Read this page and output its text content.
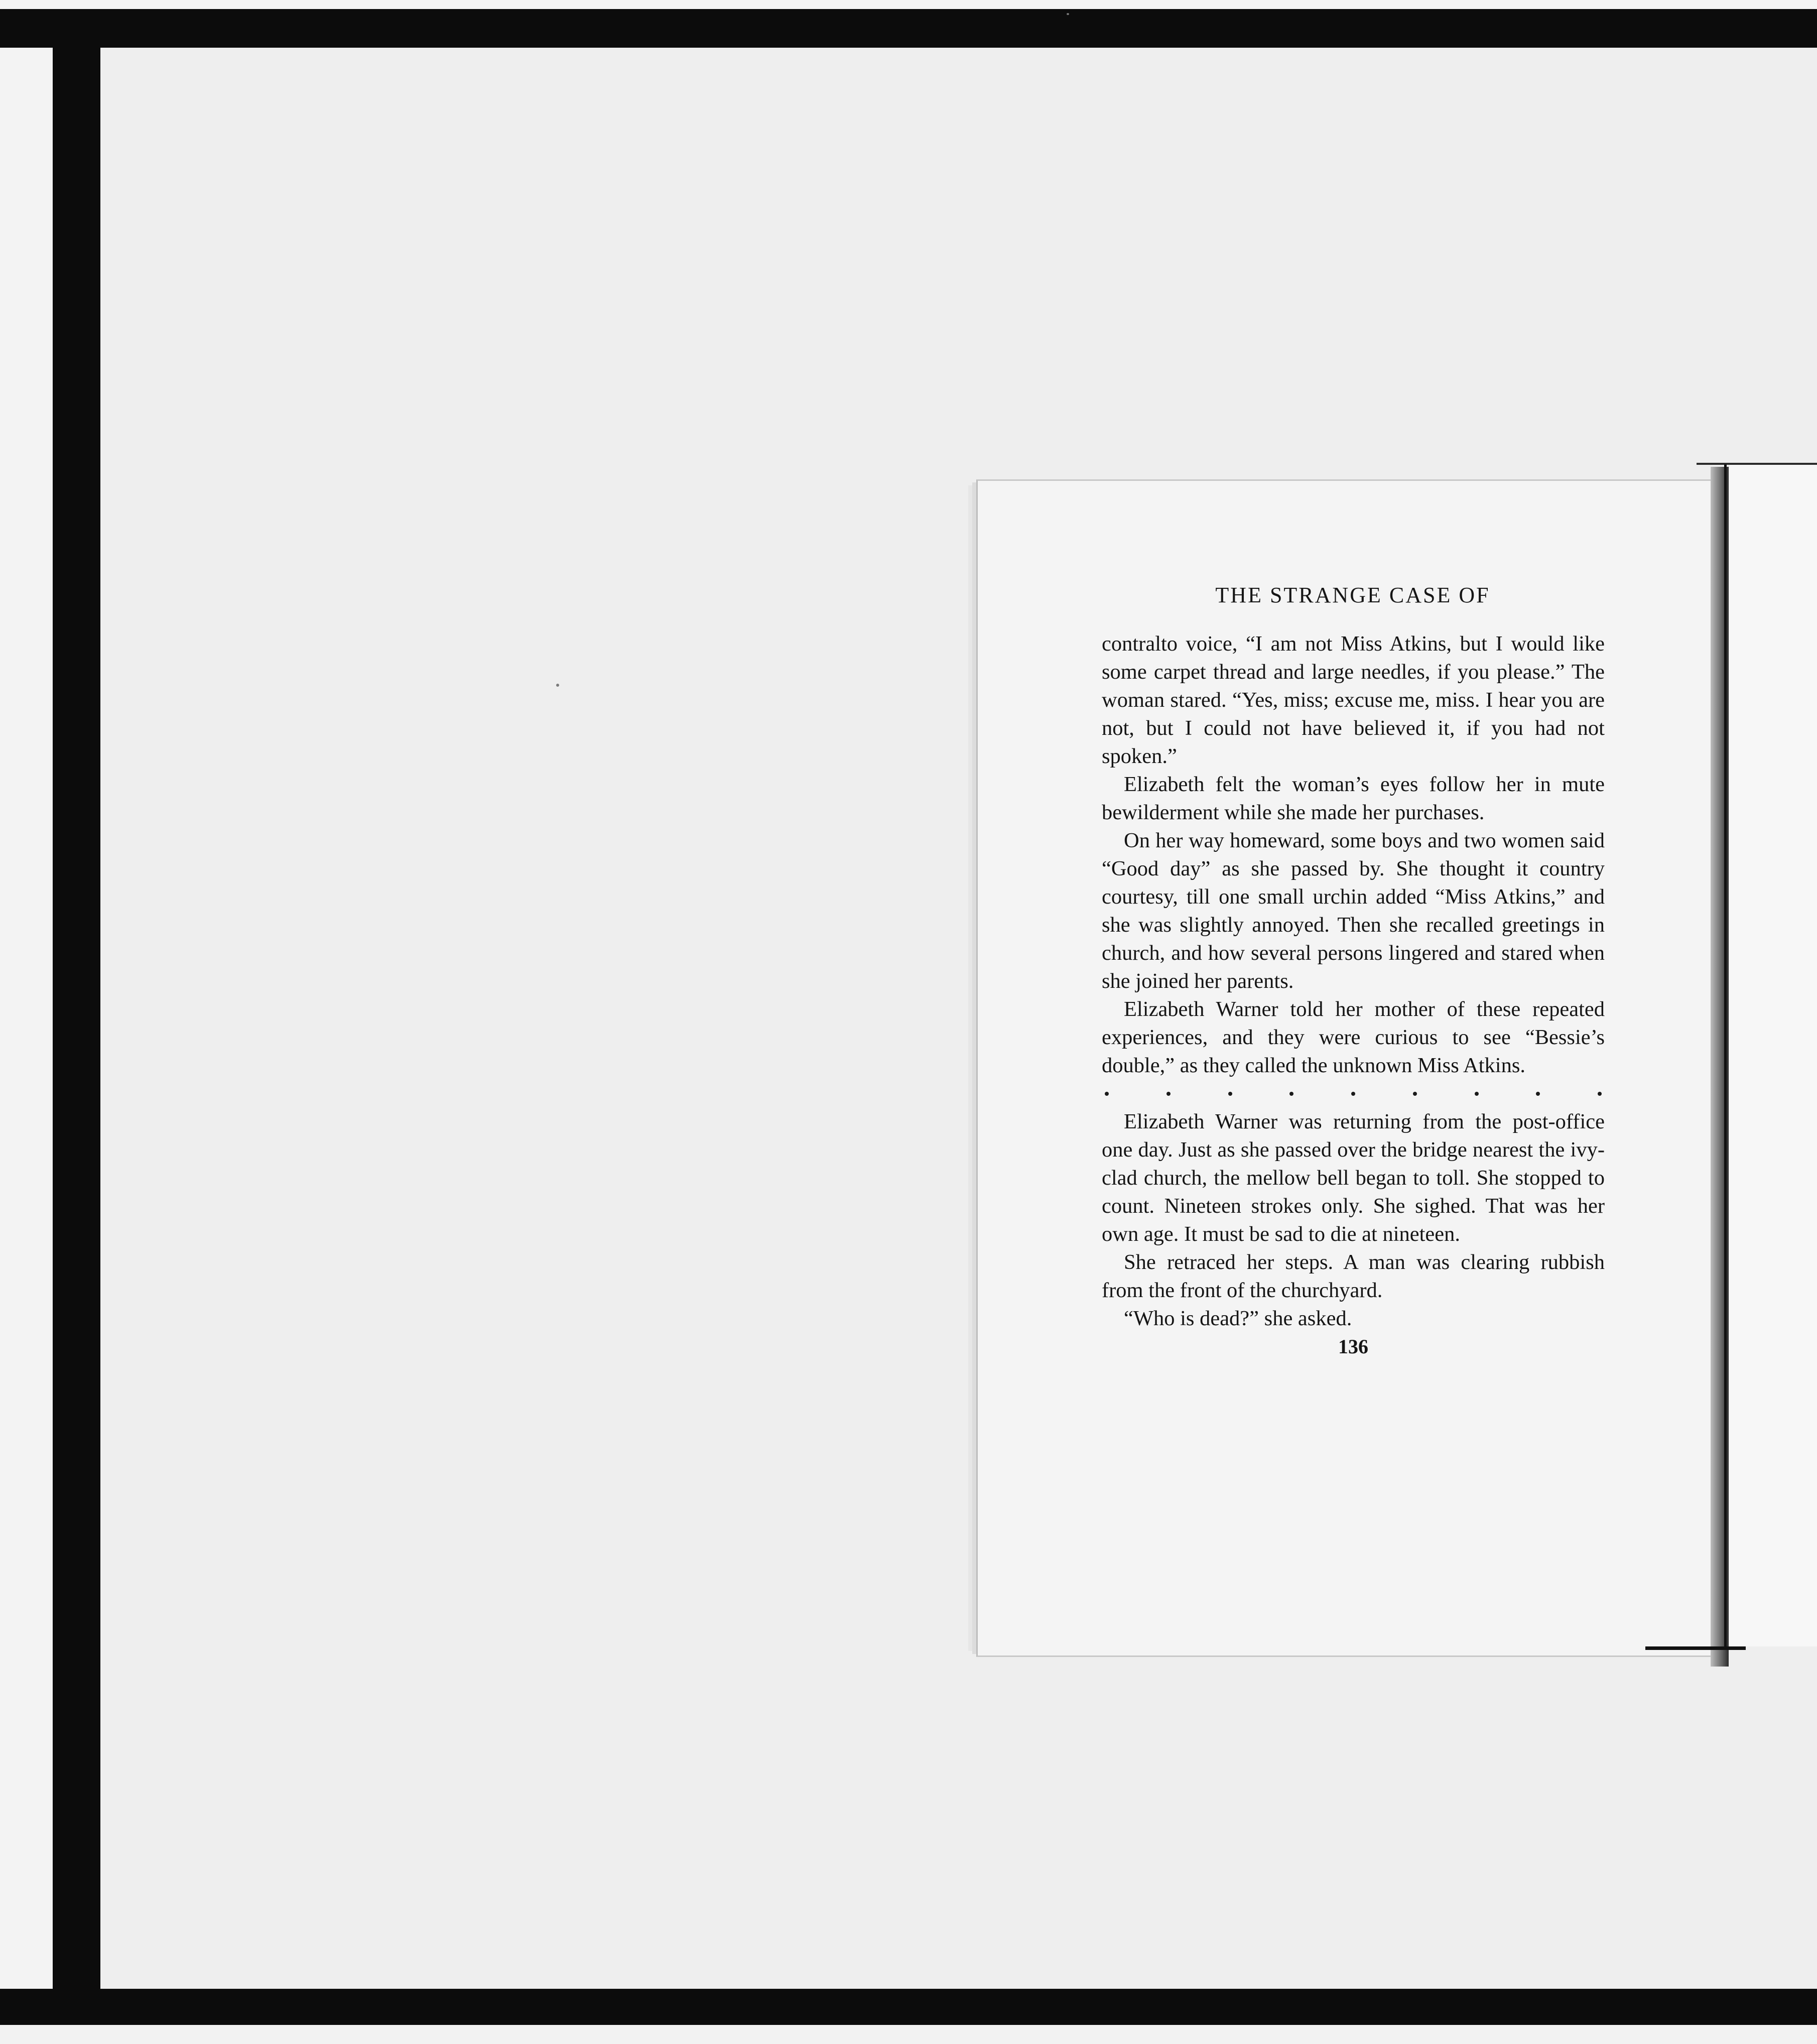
THE STRANGE CASE OF

contralto voice, “I am not Miss Atkins, but I would like some carpet thread and large needles, if you please.” The woman stared. “Yes, miss; excuse me, miss. I hear you are not, but I could not have believed it, if you had not spoken.”

Elizabeth felt the woman’s eyes follow her in mute bewilderment while she made her purchases.

On her way homeward, some boys and two women said “Good day” as she passed by. She thought it country courtesy, till one small urchin added “Miss Atkins,” and she was slightly annoyed. Then she recalled greetings in church, and how several persons lingered and stared when she joined her parents.

Elizabeth Warner told her mother of these repeated experiences, and they were curious to see “Bessie’s double,” as they called the unknown Miss Atkins.

Elizabeth Warner was returning from the post-office one day. Just as she passed over the bridge nearest the ivy-clad church, the mellow bell began to toll. She stopped to count. Nineteen strokes only. She sighed. That was her own age. It must be sad to die at nineteen.

She retraced her steps. A man was clearing rubbish from the front of the churchyard.

“Who is dead?” she asked.

136
